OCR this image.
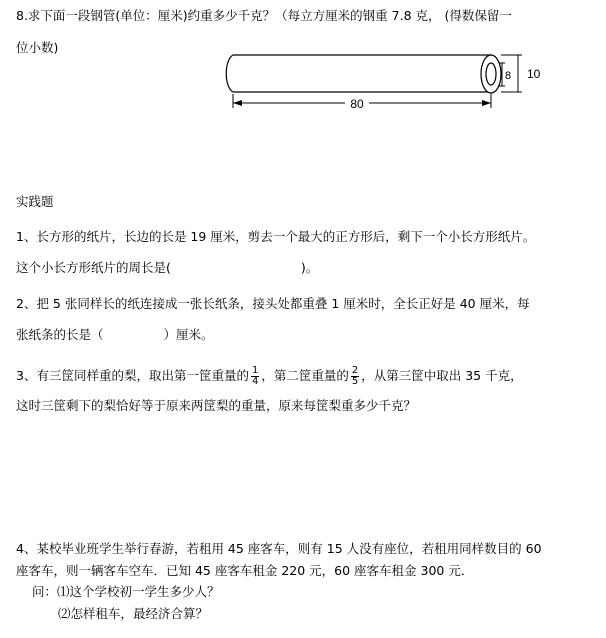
8.求下面一段钢管(单位：厘米)约重多少千克？（每立方厘米的钢重 7.8 克， (得数保留一
位小数)
80
8 10
实践题
1、长方形的纸片，长边的长是 19 厘米，剪去一个最大的正方形后，剩下一个小长方形纸片。
这个小长方形纸片的周长是(	)。
2、把 5 张同样长的纸连接成一张长纸条，接头处都重叠 1 厘米时，全长正好是 40 厘米，每
张纸条的长是（	）厘米。
3、有三筐同样重的梨，取出第一筐重量的 $\frac{1}{4}$ ，第二筐重量的 $\frac{2}{5}$ ，从第三筐中取出 35 千克，
这时三筐剩下的梨恰好等于原来两筐梨的重量，原来每筐梨重多少千克？
4、某校毕业班学生举行春游，若租用 45 座客车，则有 15 人没有座位，若租用同样数目的 60
座客车，则一辆客车空车．已知 45 座客车租金 220 元，60 座客车租金 300 元．
问：⑴这个学校初一学生多少人？
⑵怎样租车，最经济合算？
